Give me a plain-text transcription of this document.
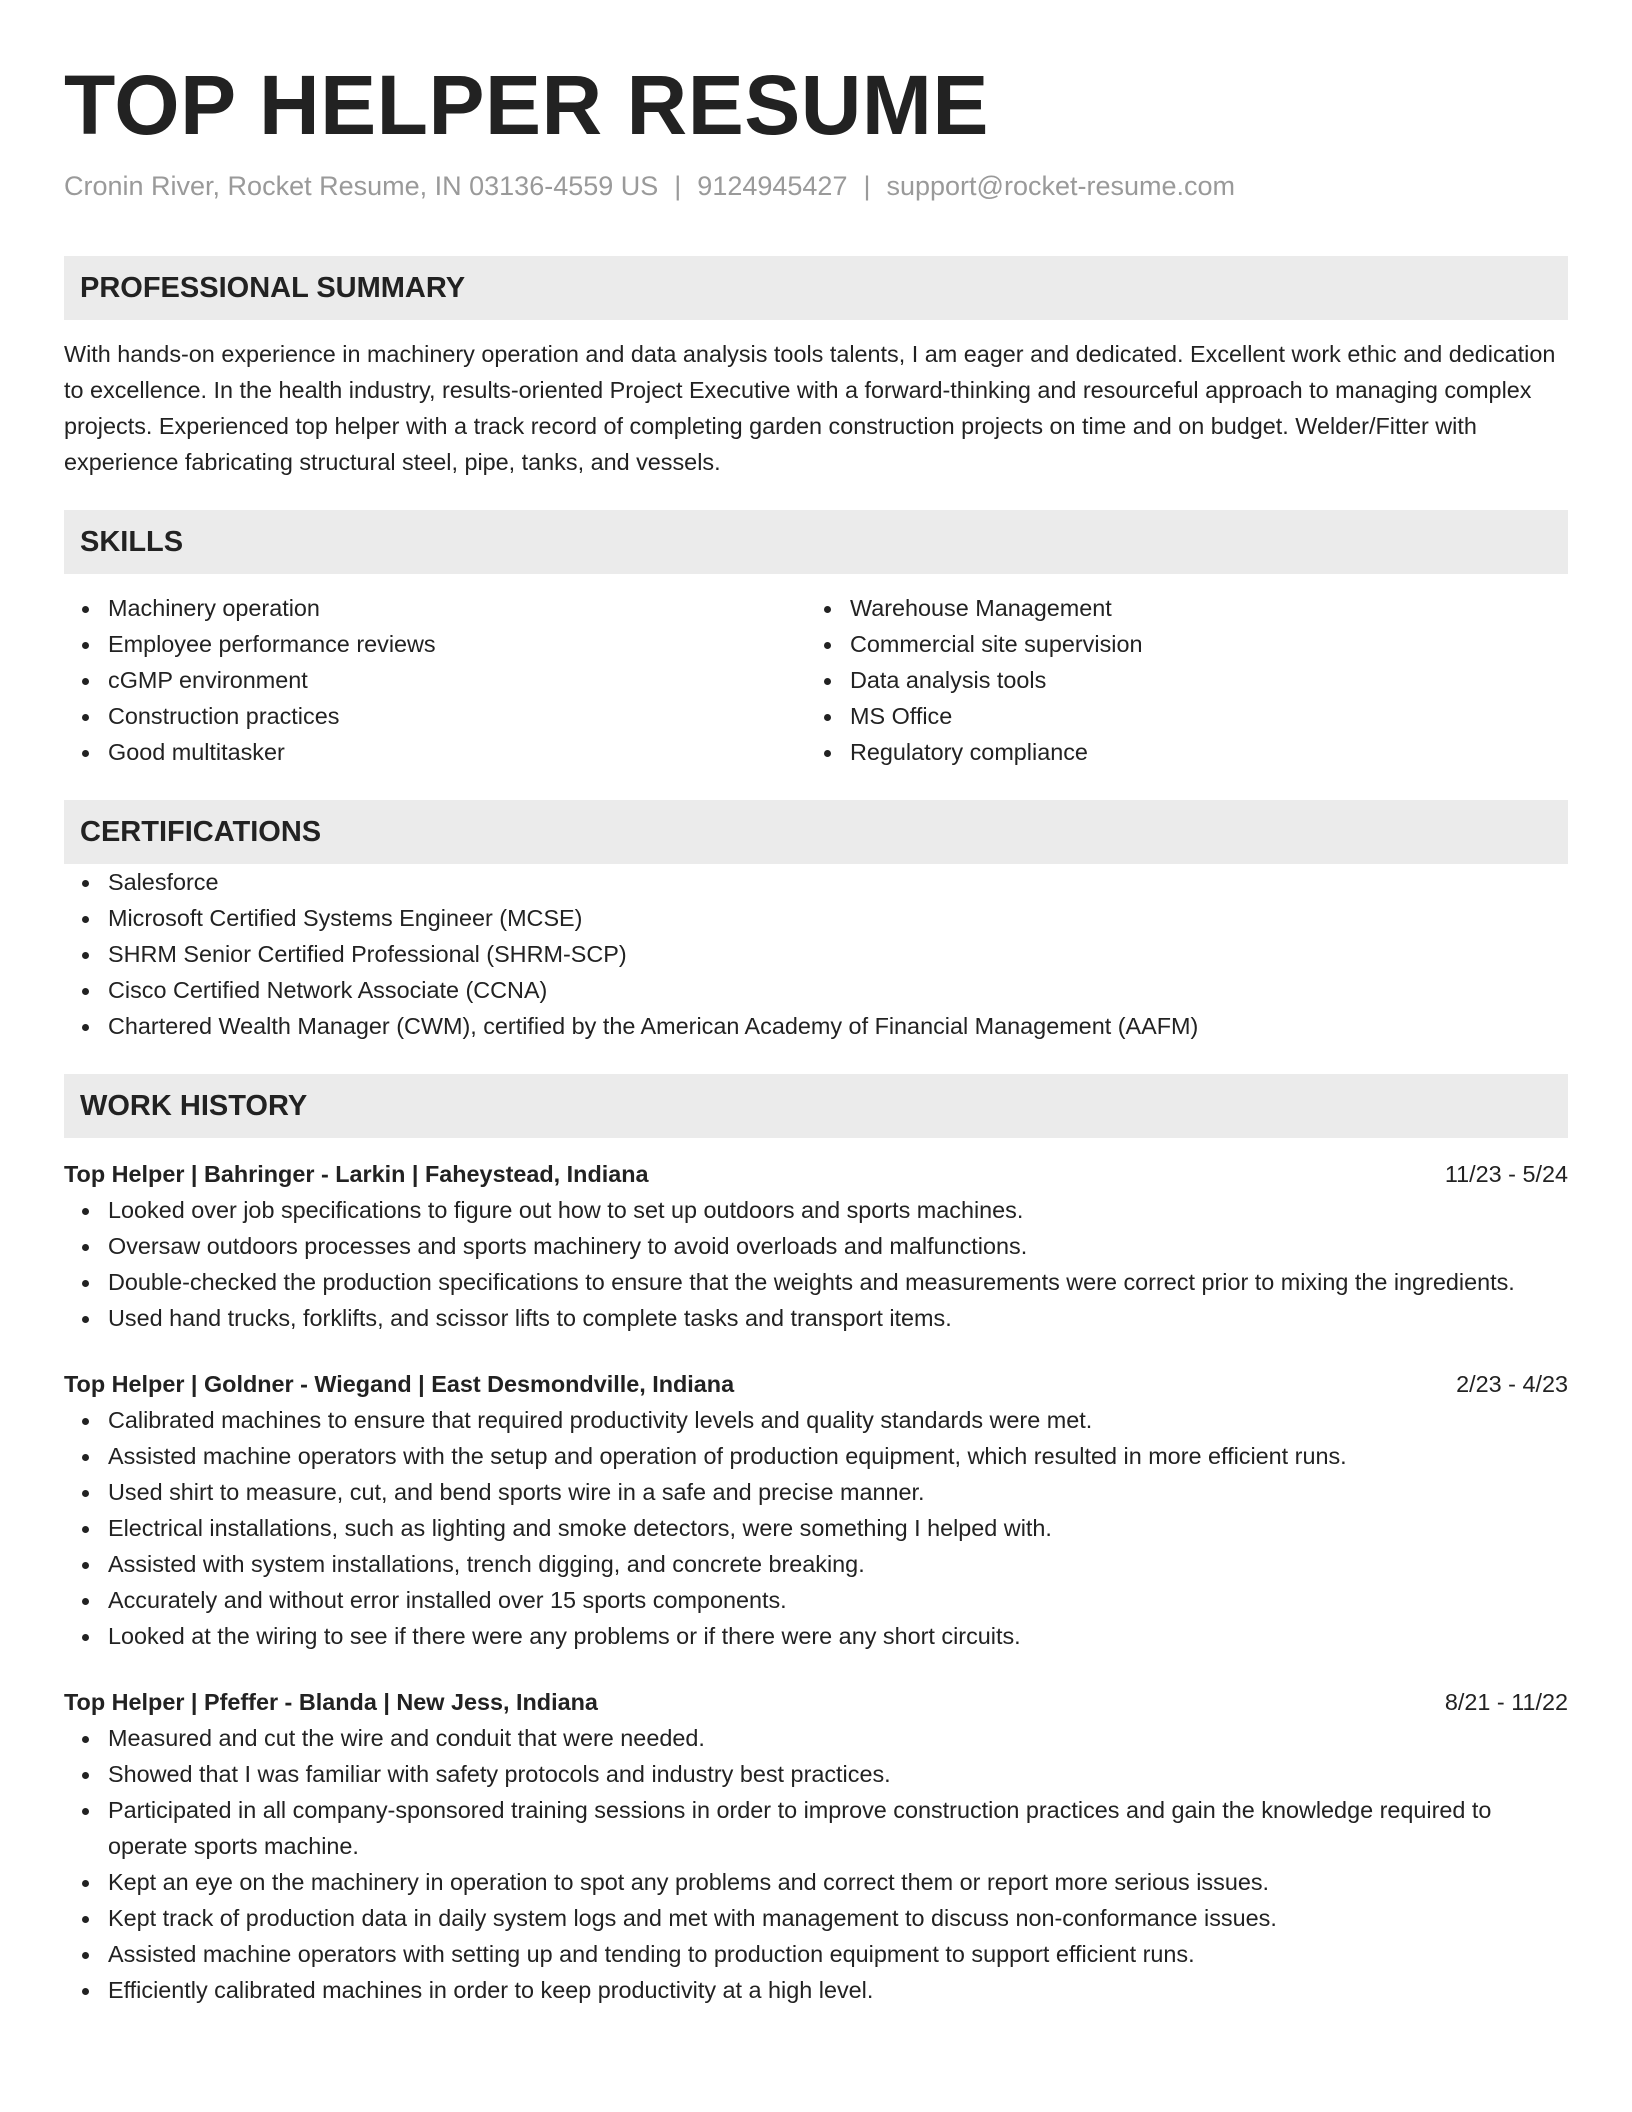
TOP HELPER RESUME
Cronin River, Rocket Resume, IN 03136-4559 US | 9124945427 | support@rocket-resume.com
PROFESSIONAL SUMMARY

With hands-on experience in machinery operation and data analysis tools talents, I am eager and dedicated. Excellent work ethic and dedication to excellence. In the health industry, results-oriented Project Executive with a forward-thinking and resourceful approach to managing complex projects. Experienced top helper with a track record of completing garden construction projects on time and on budget. Welder/Fitter with experience fabricating structural steel, pipe, tanks, and vessels.

SKILLS
Machinery operation
Employee performance reviews
cGMP environment
Construction practices
Good multitasker
Warehouse Management
Commercial site supervision
Data analysis tools
MS Office
Regulatory compliance
CERTIFICATIONS
Salesforce
Microsoft Certified Systems Engineer (MCSE)
SHRM Senior Certified Professional (SHRM-SCP)
Cisco Certified Network Associate (CCNA)
Chartered Wealth Manager (CWM), certified by the American Academy of Financial Management (AAFM)
WORK HISTORY
Top Helper | Bahringer - Larkin | Faheystead, Indiana	11/23 - 5/24
Looked over job specifications to figure out how to set up outdoors and sports machines.
Oversaw outdoors processes and sports machinery to avoid overloads and malfunctions.
Double-checked the production specifications to ensure that the weights and measurements were correct prior to mixing the ingredients.
Used hand trucks, forklifts, and scissor lifts to complete tasks and transport items.
Top Helper | Goldner - Wiegand | East Desmondville, Indiana	2/23 - 4/23
Calibrated machines to ensure that required productivity levels and quality standards were met.
Assisted machine operators with the setup and operation of production equipment, which resulted in more efficient runs.
Used shirt to measure, cut, and bend sports wire in a safe and precise manner.
Electrical installations, such as lighting and smoke detectors, were something I helped with.
Assisted with system installations, trench digging, and concrete breaking.
Accurately and without error installed over 15 sports components.
Looked at the wiring to see if there were any problems or if there were any short circuits.
Top Helper | Pfeffer - Blanda | New Jess, Indiana	8/21 - 11/22
Measured and cut the wire and conduit that were needed.
Showed that I was familiar with safety protocols and industry best practices.
Participated in all company-sponsored training sessions in order to improve construction practices and gain the knowledge required to operate sports machine.
Kept an eye on the machinery in operation to spot any problems and correct them or report more serious issues.
Kept track of production data in daily system logs and met with management to discuss non-conformance issues.
Assisted machine operators with setting up and tending to production equipment to support efficient runs.
Efficiently calibrated machines in order to keep productivity at a high level.
